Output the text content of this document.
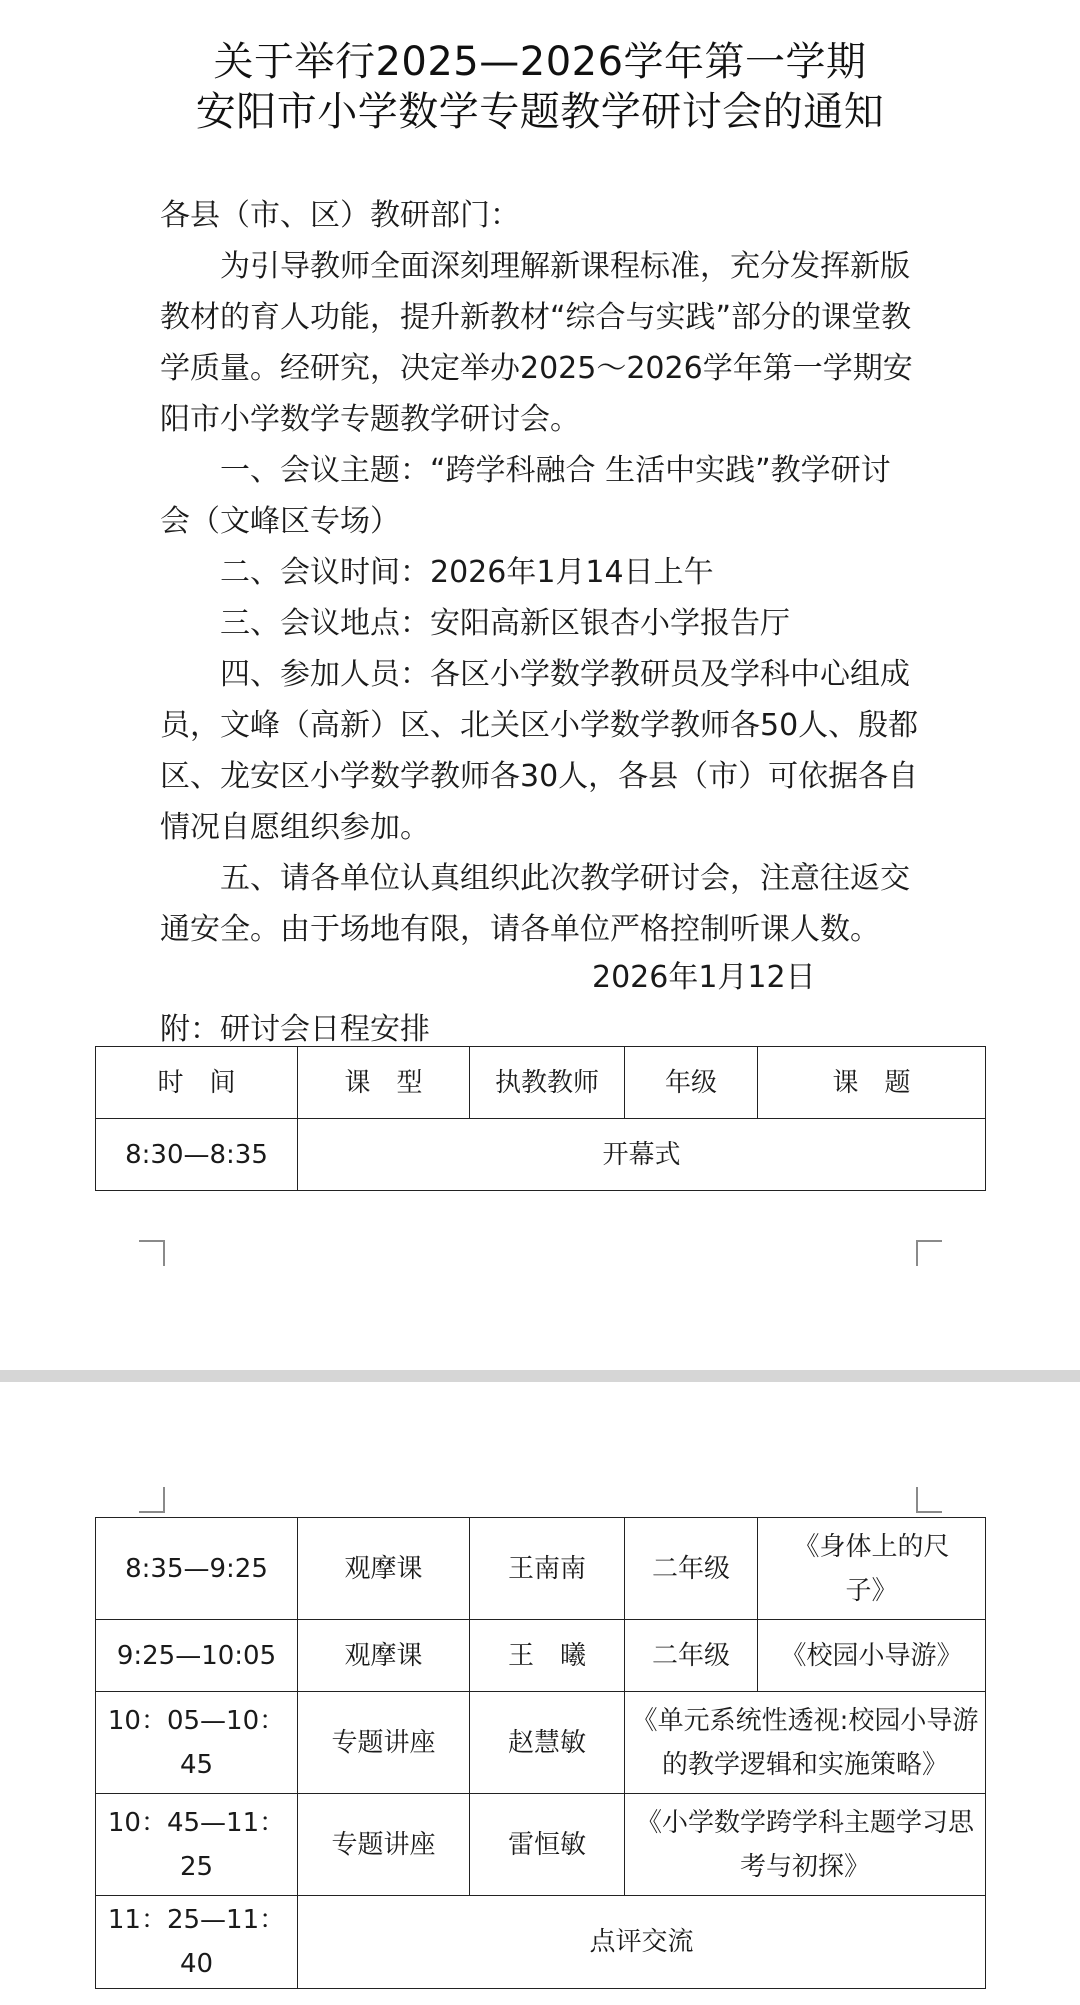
关于举行2025—2026学年第一学期
安阳市小学数学专题教学研讨会的通知

各县（市、区）教研部门：

为引导教师全面深刻理解新课程标准，充分发挥新版教材的育人功能，提升新教材“综合与实践”部分的课堂教学质量。经研究，决定举办2025～2026学年第一学期安阳市小学数学专题教学研讨会。

一、会议主题：“跨学科融合 生活中实践”教学研讨会（文峰区专场）

二、会议时间：2026年1月14日上午

三、会议地点：安阳高新区银杏小学报告厅

四、参加人员：各区小学数学教研员及学科中心组成员，文峰（高新）区、北关区小学数学教师各50人、殷都区、龙安区小学数学教师各30人，各县（市）可依据各自情况自愿组织参加。

五、请各单位认真组织此次教学研讨会，注意往返交通安全。由于场地有限，请各单位严格控制听课人数。

2026年1月12日
附：研讨会日程安排
时　间	课　型	执教教师	年级	课　题
8:30—8:35	开幕式			
8:35—9:25	观摩课	王南南	二年级	《身体上的尺
子》

9:25—10:05	观摩课	王　曦	二年级	《校园小导游》
10：05—10：45	专题讲座	赵慧敏	《单元系统性透视:校园小导游
的教学逻辑和实施策略》	

10：45—11：25	专题讲座	雷恒敏	《小学数学跨学科主题学习思
考与初探》	

11：25—11：40	点评交流			
